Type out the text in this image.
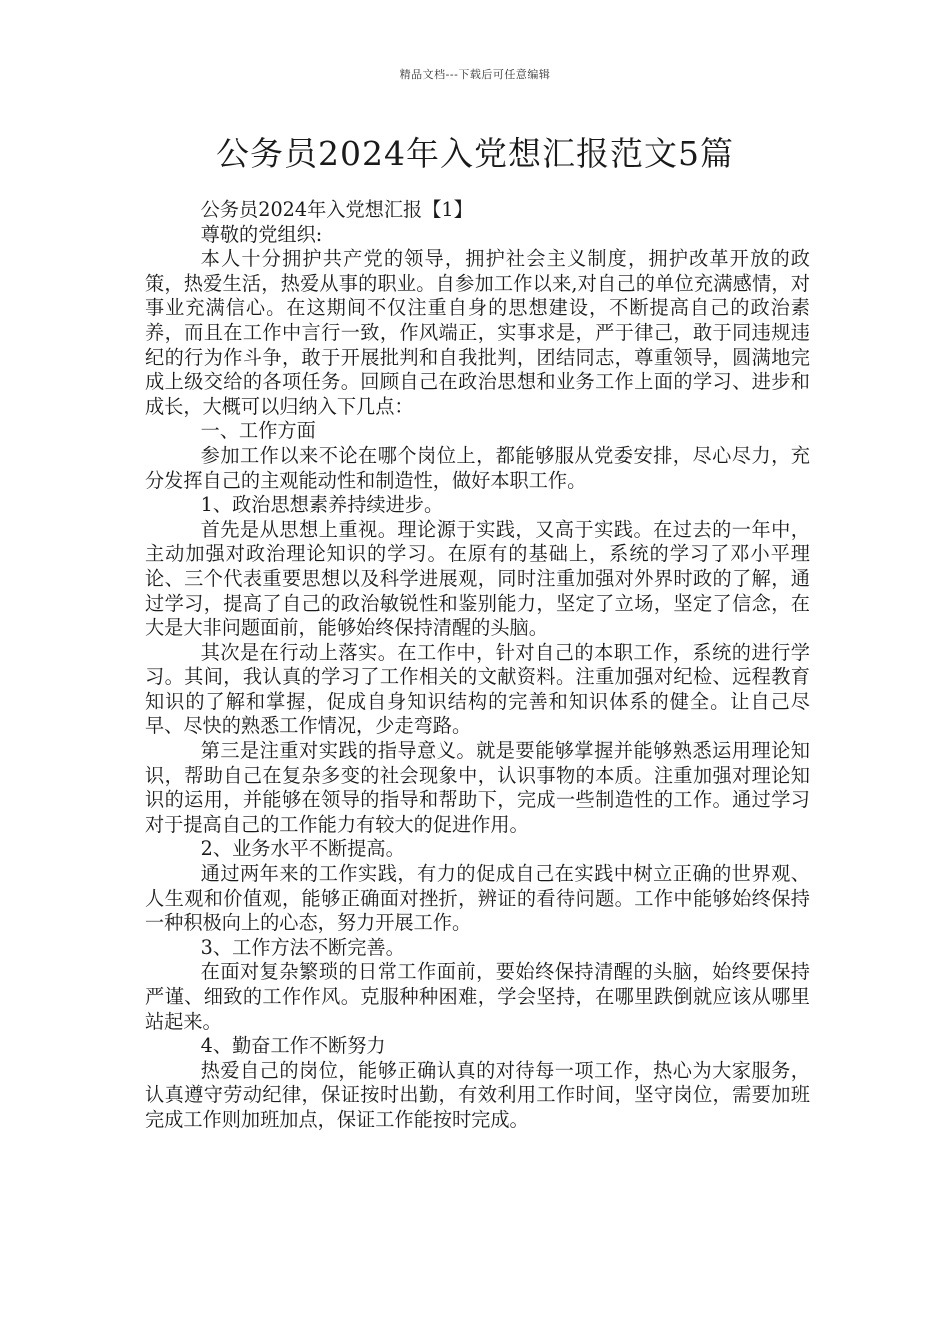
精品文档---下载后可任意编辑
公务员2024年入党想汇报范文5篇

公务员2024年入党想汇报【1】

尊敬的党组织:

本人十分拥护共产党的领导，拥护社会主义制度，拥护改革开放的政策，热爱生活，热爱从事的职业。自参加工作以来,对自己的单位充满感情，对事业充满信心。在这期间不仅注重自身的思想建设，不断提高自己的政治素养，而且在工作中言行一致，作风端正，实事求是，严于律己，敢于同违规违纪的行为作斗争，敢于开展批判和自我批判，团结同志，尊重领导，圆满地完成上级交给的各项任务。回顾自己在政治思想和业务工作上面的学习、进步和成长，大概可以归纳入下几点：

一、工作方面

参加工作以来不论在哪个岗位上，都能够服从党委安排，尽心尽力，充分发挥自己的主观能动性和制造性，做好本职工作。

1、政治思想素养持续进步。

首先是从思想上重视。理论源于实践，又高于实践。在过去的一年中，主动加强对政治理论知识的学习。在原有的基础上，系统的学习了邓小平理论、三个代表重要思想以及科学进展观，同时注重加强对外界时政的了解，通过学习，提高了自己的政治敏锐性和鉴别能力，坚定了立场，坚定了信念，在大是大非问题面前，能够始终保持清醒的头脑。

其次是在行动上落实。在工作中，针对自己的本职工作，系统的进行学习。其间，我认真的学习了工作相关的文献资料。注重加强对纪检、远程教育知识的了解和掌握，促成自身知识结构的完善和知识体系的健全。让自己尽早、尽快的熟悉工作情况，少走弯路。

第三是注重对实践的指导意义。就是要能够掌握并能够熟悉运用理论知识，帮助自己在复杂多变的社会现象中，认识事物的本质。注重加强对理论知识的运用，并能够在领导的指导和帮助下，完成一些制造性的工作。通过学习对于提高自己的工作能力有较大的促进作用。

2、业务水平不断提高。

通过两年来的工作实践，有力的促成自己在实践中树立正确的世界观、人生观和价值观，能够正确面对挫折，辨证的看待问题。工作中能够始终保持一种积极向上的心态，努力开展工作。

3、工作方法不断完善。

在面对复杂繁琐的日常工作面前，要始终保持清醒的头脑，始终要保持严谨、细致的工作作风。克服种种困难，学会坚持，在哪里跌倒就应该从哪里站起来。

4、勤奋工作不断努力

热爱自己的岗位，能够正确认真的对待每一项工作，热心为大家服务，认真遵守劳动纪律，保证按时出勤，有效利用工作时间，坚守岗位，需要加班完成工作则加班加点，保证工作能按时完成。
